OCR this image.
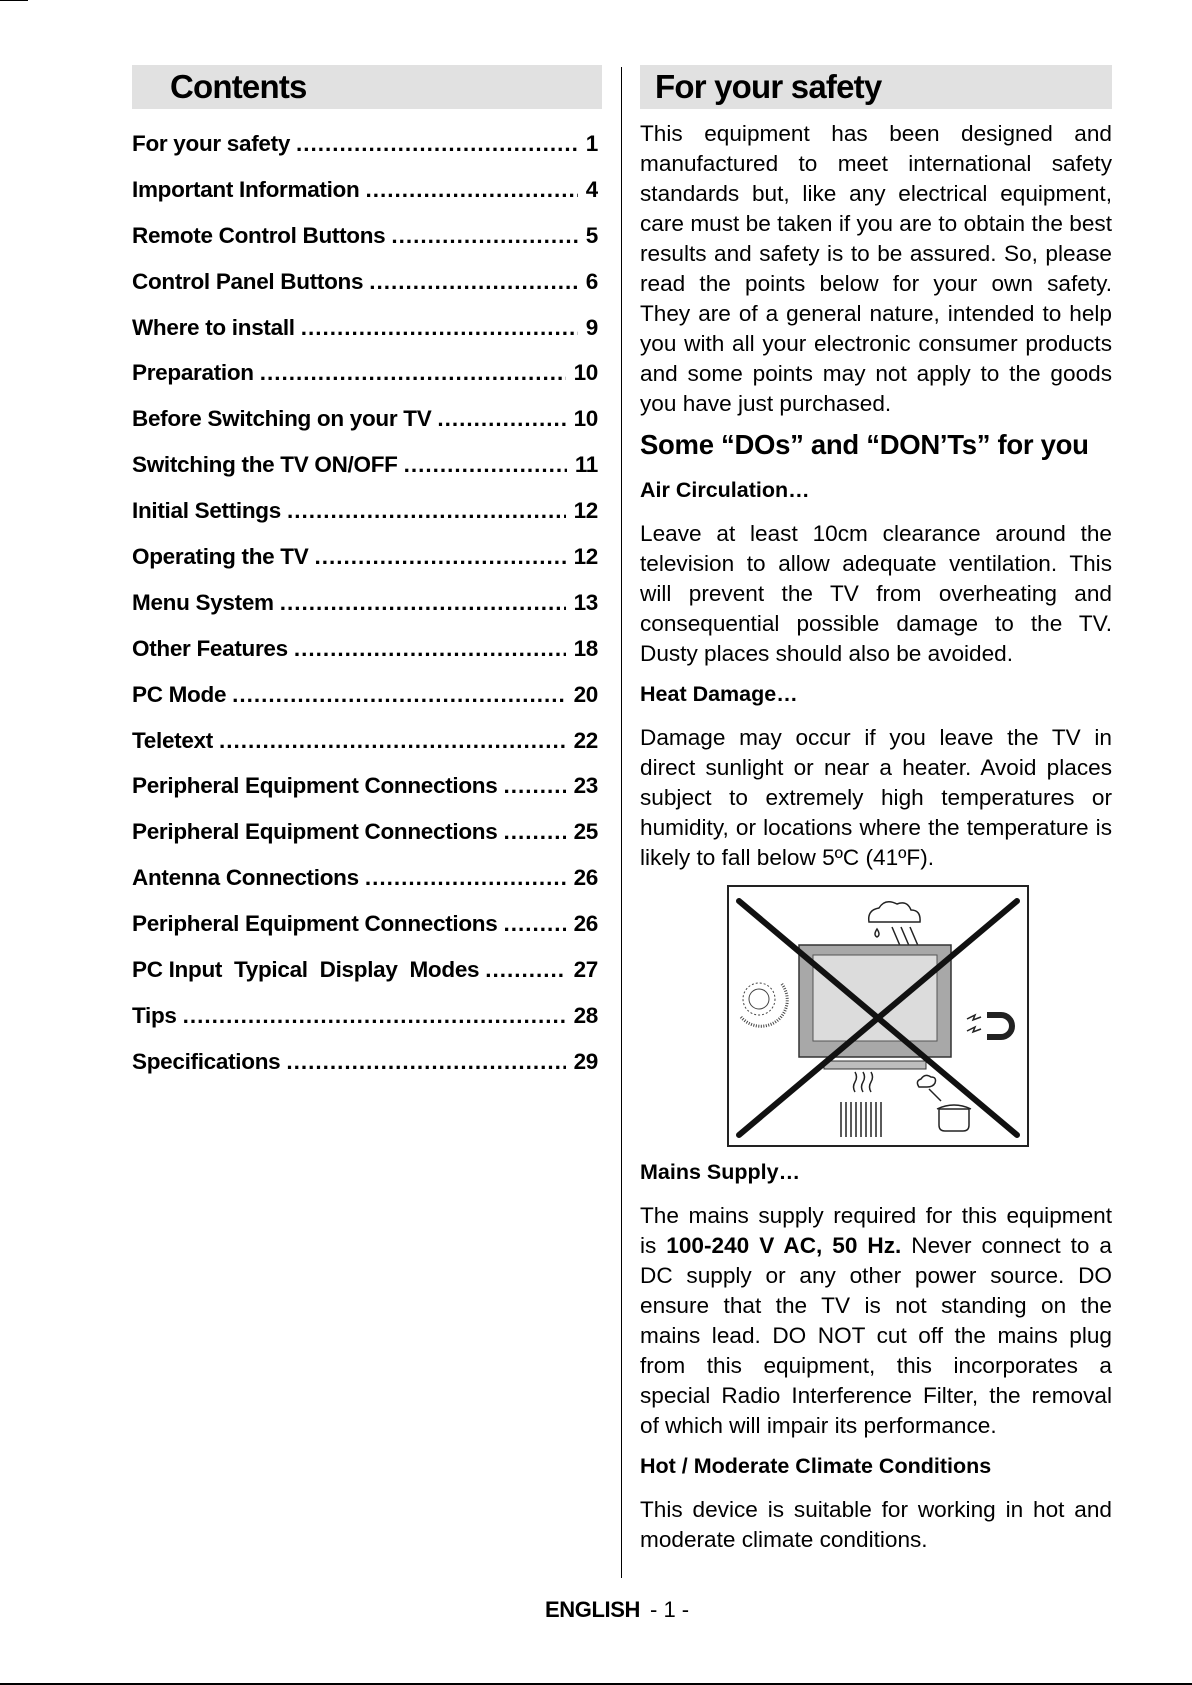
Contents
For your safety .....	1
Important Information .....	4
Remote Control Buttons .....	5
Control Panel Buttons .....	6
Where to install .....	9
Preparation .....	10
Before Switching on your TV .....	10
Switching the TV ON/OFF .....	11
Initial Settings .....	12
Operating the TV .....	12
Menu System .....	13
Other Features .....	18
PC Mode .....	20
Teletext .....	22
Peripheral Equipment Connections .....	23
Peripheral Equipment Connections .....	25
Antenna Connections .....	26
Peripheral Equipment Connections .....	26
PC Input  Typical  Display  Modes .....	27
Tips .....	28
Specifications .....	29
For your safety

This equipment has been designed and manufactured to meet international safety standards but, like any electrical equipment, care must be taken if you are to obtain the best results and safety is to be assured. So, please read the points below for your own safety. They are of a general nature, intended to help you with all your electronic consumer products and some points may not apply to the goods you have just purchased.

Some “DOs” and “DON’Ts” for you
Air Circulation…

Leave at least 10cm clearance around the television to allow adequate ventilation. This will prevent the TV from overheating and consequential possible damage to the TV. Dusty places should also be avoided.

Heat Damage…

Damage may occur if you leave the TV in direct sunlight or near a heater. Avoid places subject to extremely high temperatures or humidity, or locations where the temperature is likely to fall below 5ºC (41ºF).

Mains Supply…

The mains supply required for this equipment is 100-240 V AC, 50 Hz. Never connect to a DC supply or any other power source. DO ensure that the TV is not standing on the mains lead. DO NOT cut off the mains plug from this equipment, this incorporates a special Radio Interference Filter, the removal of which will impair its performance.

Hot / Moderate Climate Conditions

This device is suitable for working in hot and moderate climate conditions.

ENGLISH - 1 -
